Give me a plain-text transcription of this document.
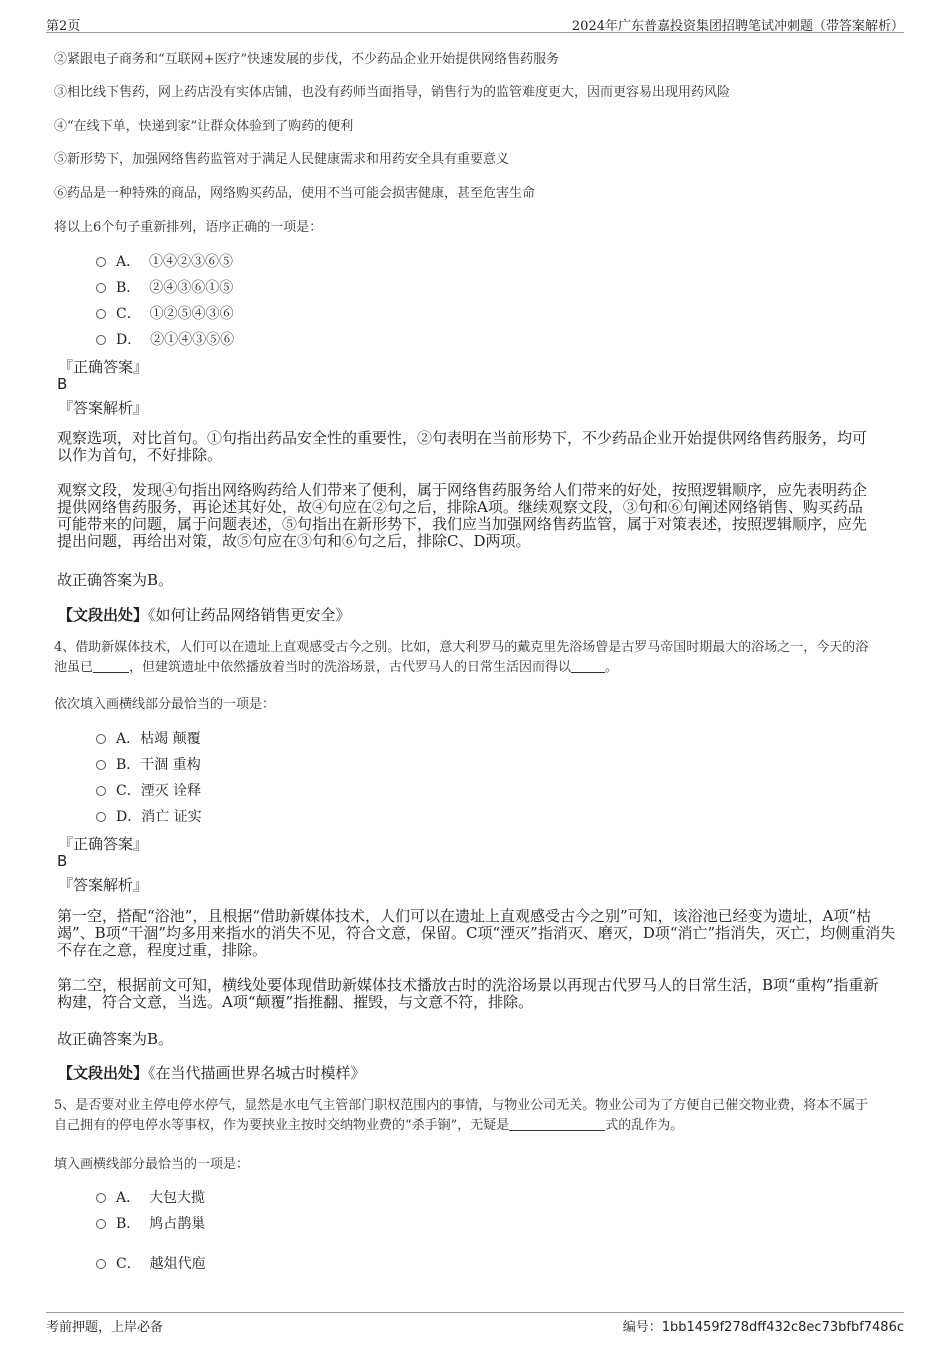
第2页	2024年广东普嘉投资集团招聘笔试冲刺题（带答案解析）
②紧跟电子商务和“互联网+医疗”快速发展的步伐，不少药品企业开始提供网络售药服务
③相比线下售药，网上药店没有实体店铺，也没有药师当面指导，销售行为的监管难度更大，因而更容易出现用药风险
④“在线下单，快递到家”让群众体验到了购药的便利
⑤新形势下，加强网络售药监管对于满足人民健康需求和用药安全具有重要意义
⑥药品是一种特殊的商品，网络购买药品，使用不当可能会损害健康，甚至危害生命
将以上6个句子重新排列，语序正确的一项是：
A． ①④②③⑥⑤
B． ②④③⑥①⑤
C． ①②⑤④③⑥
D． ②①④③⑤⑥
『正确答案』
B
『答案解析』
观察选项，对比首句。①句指出药品安全性的重要性，②句表明在当前形势下，不少药品企业开始提供网络售药服务，均可
以作为首句，不好排除。
观察文段，发现④句指出网络购药给人们带来了便利，属于网络售药服务给人们带来的好处，按照逻辑顺序，应先表明药企
提供网络售药服务，再论述其好处，故④句应在②句之后，排除A项。继续观察文段，③句和⑥句阐述网络销售、购买药品
可能带来的问题，属于问题表述，⑤句指出在新形势下，我们应当加强网络售药监管，属于对策表述，按照逻辑顺序，应先
提出问题，再给出对策，故⑤句应在③句和⑥句之后，排除C、D两项。
故正确答案为B。
【文段出处】《如何让药品网络销售更安全》
4、借助新媒体技术，人们可以在遗址上直观感受古今之别。比如，意大利罗马的戴克里先浴场曾是古罗马帝国时期最大的浴场之一，今天的浴
池虽已	，但建筑遗址中依然播放着当时的洗浴场景，古代罗马人的日常生活因而得以	。
依次填入画横线部分最恰当的一项是：
A．枯竭 颠覆
B．干涸 重构
C．湮灭 诠释
D．消亡 证实
『正确答案』
B
『答案解析』
第一空，搭配“浴池”，且根据“借助新媒体技术，人们可以在遗址上直观感受古今之别”可知，该浴池已经变为遗址，A项“枯
竭”、B项“干涸”均多用来指水的消失不见，符合文意，保留。C项“湮灭”指消灭、磨灭，D项“消亡”指消失，灭亡，均侧重消失
不存在之意，程度过重，排除。
第二空，根据前文可知，横线处要体现借助新媒体技术播放古时的洗浴场景以再现古代罗马人的日常生活，B项“重构”指重新
构建，符合文意，当选。A项“颠覆”指推翻、摧毁，与文意不符，排除。
故正确答案为B。
【文段出处】《在当代描画世界名城古时模样》
5、是否要对业主停电停水停气，显然是水电气主管部门职权范围内的事情，与物业公司无关。物业公司为了方便自己催交物业费，将本不属于
自己拥有的停电停水等事权，作为要挟业主按时交纳物业费的“杀手锏”，无疑是	式的乱作为。
填入画横线部分最恰当的一项是：
A． 大包大揽
B． 鸠占鹊巢
C． 越俎代庖
考前押题，上岸必备	编号：1bb1459f278dff432c8ec73bfbf7486c
